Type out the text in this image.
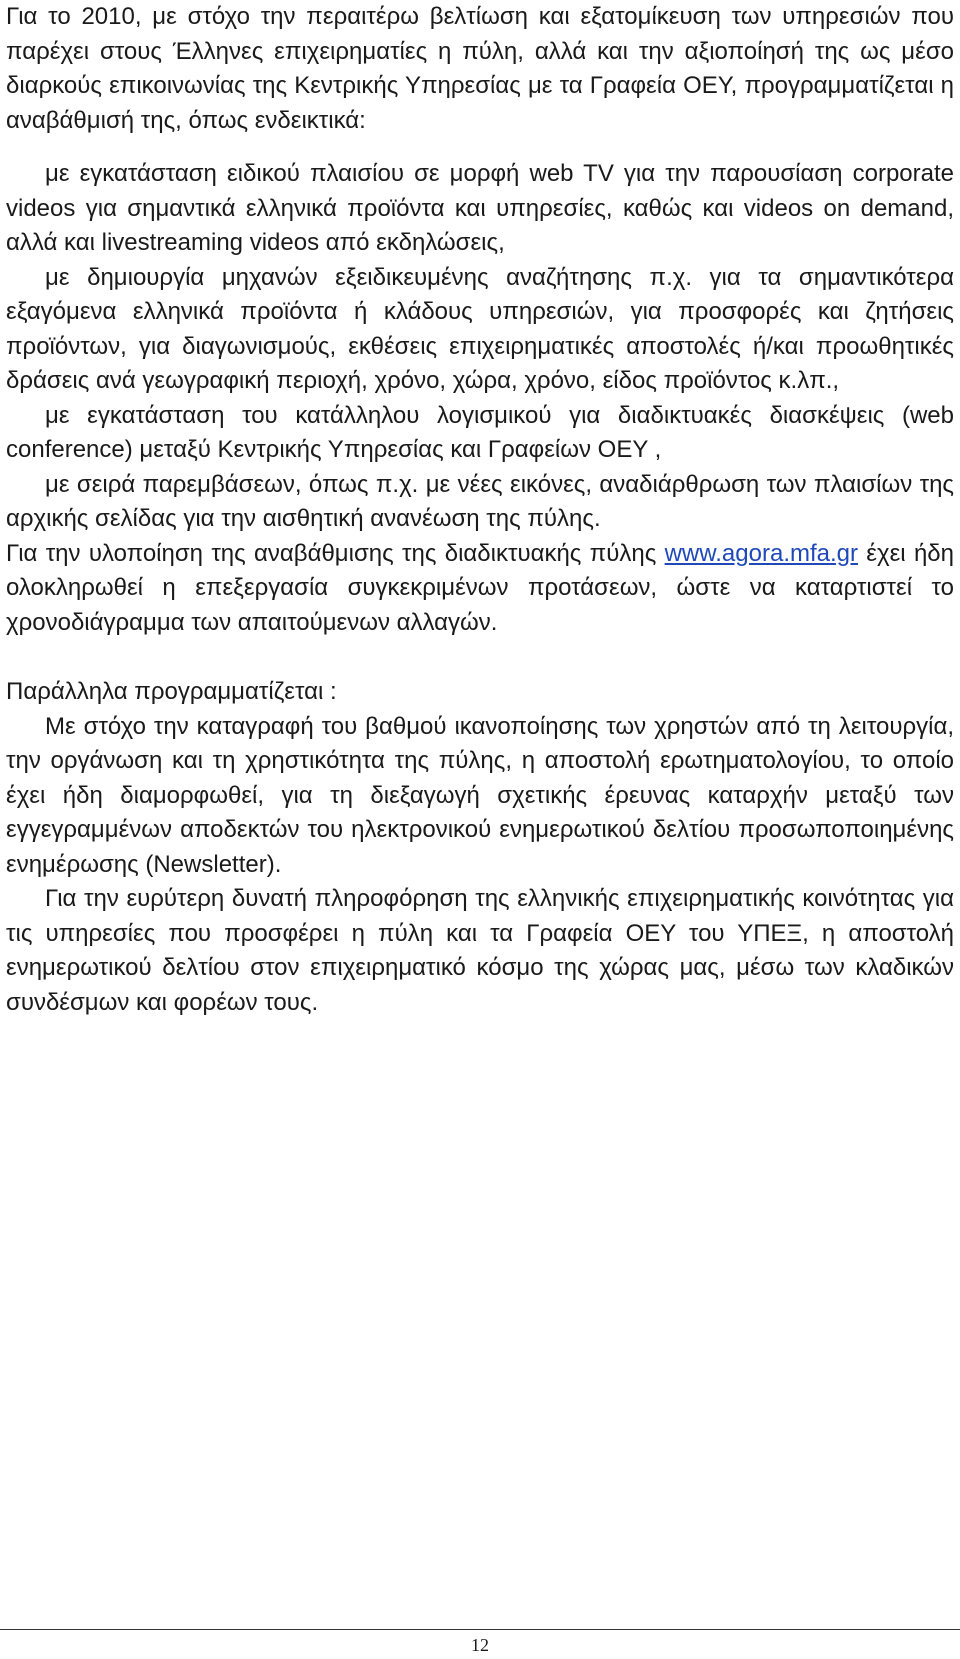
Για το 2010, με στόχο την περαιτέρω βελτίωση και εξατομίκευση των υπηρεσιών που παρέχει στους Έλληνες επιχειρηματίες η πύλη, αλλά και την αξιοποίησή της ως μέσο διαρκούς επικοινωνίας της Κεντρικής Υπηρεσίας με τα Γραφεία ΟΕΥ, προγραμματίζεται η αναβάθμισή της, όπως ενδεικτικά:

με εγκατάσταση ειδικού πλαισίου σε μορφή web TV για την παρουσίαση corporate videos για σημαντικά ελληνικά προϊόντα και υπηρεσίες, καθώς και videos on demand, αλλά και livestreaming videos από εκδηλώσεις,
με δημιουργία μηχανών εξειδικευμένης αναζήτησης π.χ. για τα σημαντικότερα εξαγόμενα ελληνικά προϊόντα ή κλάδους υπηρεσιών, για προσφορές και ζητήσεις προϊόντων, για διαγωνισμούς, εκθέσεις επιχειρηματικές αποστολές ή/και προωθητικές δράσεις ανά γεωγραφική περιοχή, χρόνο, χώρα, χρόνο, είδος προϊόντος κ.λπ.,
με εγκατάσταση του κατάλληλου λογισμικού για διαδικτυακές διασκέψεις (web conference) μεταξύ Κεντρικής Υπηρεσίας και Γραφείων ΟΕΥ ,
με σειρά παρεμβάσεων, όπως π.χ. με νέες εικόνες, αναδιάρθρωση των πλαισίων της αρχικής σελίδας για την αισθητική ανανέωση της πύλης.

Για την υλοποίηση της αναβάθμισης της διαδικτυακής πύλης www.agora.mfa.gr έχει ήδη ολοκληρωθεί η επεξεργασία συγκεκριμένων προτάσεων, ώστε να καταρτιστεί το χρονοδιάγραμμα των απαιτούμενων αλλαγών.

Παράλληλα προγραμματίζεται :

Με στόχο την καταγραφή του βαθμού ικανοποίησης των χρηστών από τη λειτουργία, την οργάνωση και τη χρηστικότητα της πύλης, η αποστολή ερωτηματολογίου, το οποίο έχει ήδη διαμορφωθεί, για τη διεξαγωγή σχετικής έρευνας καταρχήν μεταξύ των εγγεγραμμένων αποδεκτών του ηλεκτρονικού ενημερωτικού δελτίου προσωποποιημένης ενημέρωσης (Newsletter).
Για την ευρύτερη δυνατή πληροφόρηση της ελληνικής επιχειρηματικής κοινότητας για τις υπηρεσίες που προσφέρει η πύλη και τα Γραφεία ΟΕΥ του ΥΠΕΞ, η αποστολή ενημερωτικού δελτίου στον επιχειρηματικό κόσμο της χώρας μας, μέσω των κλαδικών συνδέσμων και φορέων τους.
12
